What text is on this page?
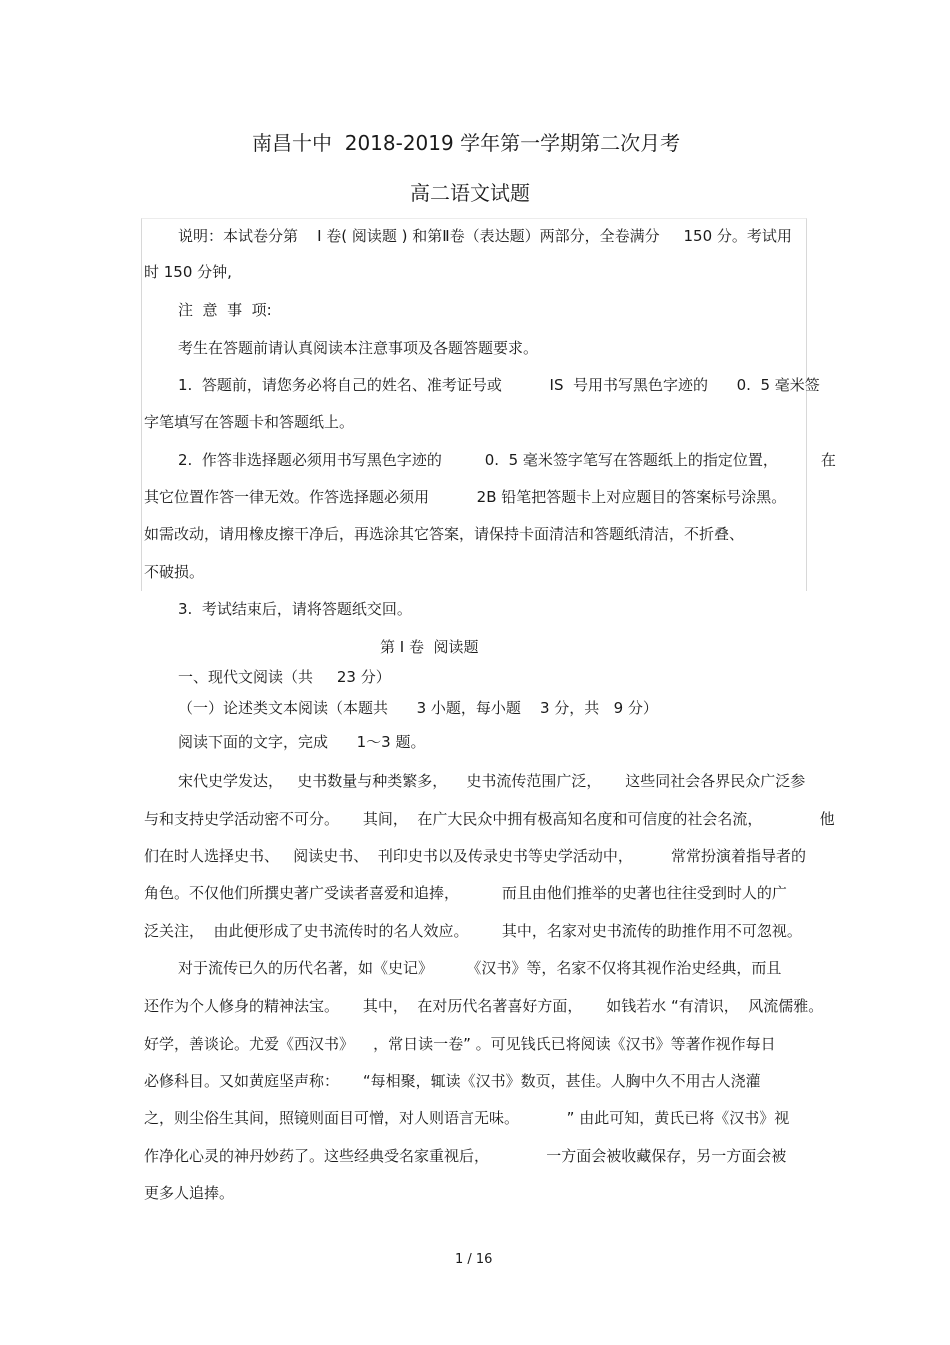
南昌十中  2018-2019 学年第一学期第二次月考
高二语文试题
说明：本试卷分第    Ⅰ 卷( 阅读题 ) 和第Ⅱ卷（表达题）两部分，全卷满分     150 分。考试用
时 150 分钟,
注  意  事  项:
考生在答题前请认真阅读本注意事项及各题答题要求。
1.  答题前，请您务必将自己的姓名、准考证号或          IS  号用书写黑色字迹的      0.  5 毫米签
字笔填写在答题卡和答题纸上。
2.  作答非选择题必须用书写黑色字迹的         0.  5 毫米签字笔写在答题纸上的指定位置，         在
其它位置作答一律无效。作答选择题必须用          2B 铅笔把答题卡上对应题目的答案标号涂黑。
如需改动，请用橡皮擦干净后，再选涂其它答案，请保持卡面清洁和答题纸清洁，不折叠、
不破损。
3.  考试结束后，请将答题纸交回。
第 Ⅰ 卷  阅读题
一、现代文阅读（共     23 分）
（一）论述类文本阅读（本题共      3 小题，每小题    3 分，共   9 分）
阅读下面的文字，完成      1～3 题。
宋代史学发达，   史书数量与种类繁多，    史书流传范围广泛，     这些同社会各界民众广泛参
与和支持史学活动密不可分。     其间，  在广大民众中拥有极高知名度和可信度的社会名流，            他
们在时人选择史书、   阅读史书、  刊印史书以及传录史书等史学活动中，        常常扮演着指导者的
角色。不仅他们所撰史著广受读者喜爱和追捧，         而且由他们推举的史著也往往受到时人的广
泛关注，  由此便形成了史书流传时的名人效应。       其中，名家对史书流传的助推作用不可忽视。
对于流传已久的历代名著，如《史记》       《汉书》等，名家不仅将其视作治史经典，而且
还作为个人修身的精神法宝。     其中，  在对历代名著喜好方面，     如钱若水 “有清识，  风流儒雅。
好学，善谈论。尤爱《西汉书》    ，常日读一卷” 。可见钱氏已将阅读《汉书》等著作视作每日
必修科目。又如黄庭坚声称：     “每相聚，辄读《汉书》数页，甚佳。人胸中久不用古人浇灌
之，则尘俗生其间，照镜则面目可憎，对人则语言无味。          ” 由此可知，黄氏已将《汉书》视
作净化心灵的神丹妙药了。这些经典受名家重视后，            一方面会被收藏保存，另一方面会被
更多人追捧。
1 / 16
